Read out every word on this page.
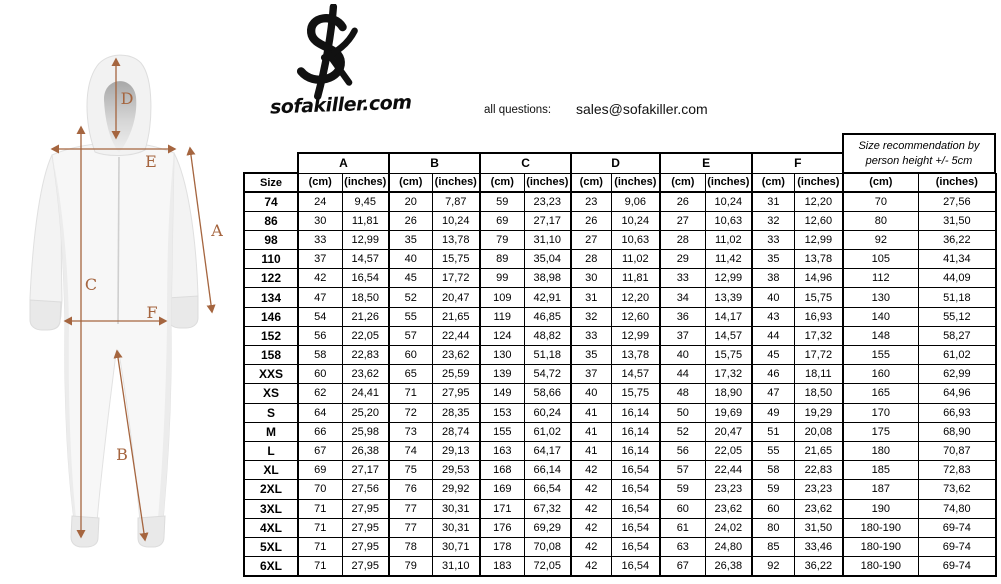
A
B
C
D
E
F
sofakiller.com	all questions: sales@sofakiller.com
Size recommendation by person height +/- 5cm
	A		B		C		D		E		F			
Size	(cm)	(inches)	(cm)	(inches)	(cm)	(inches)	(cm)	(inches)	(cm)	(inches)	(cm)	(inches)	(cm)	(inches)
74	24	9,45	20	7,87	59	23,23	23	9,06	26	10,24	31	12,20	70	27,56
86	30	11,81	26	10,24	69	27,17	26	10,24	27	10,63	32	12,60	80	31,50
98	33	12,99	35	13,78	79	31,10	27	10,63	28	11,02	33	12,99	92	36,22
110	37	14,57	40	15,75	89	35,04	28	11,02	29	11,42	35	13,78	105	41,34
122	42	16,54	45	17,72	99	38,98	30	11,81	33	12,99	38	14,96	112	44,09
134	47	18,50	52	20,47	109	42,91	31	12,20	34	13,39	40	15,75	130	51,18
146	54	21,26	55	21,65	119	46,85	32	12,60	36	14,17	43	16,93	140	55,12
152	56	22,05	57	22,44	124	48,82	33	12,99	37	14,57	44	17,32	148	58,27
158	58	22,83	60	23,62	130	51,18	35	13,78	40	15,75	45	17,72	155	61,02
XXS	60	23,62	65	25,59	139	54,72	37	14,57	44	17,32	46	18,11	160	62,99
XS	62	24,41	71	27,95	149	58,66	40	15,75	48	18,90	47	18,50	165	64,96
S	64	25,20	72	28,35	153	60,24	41	16,14	50	19,69	49	19,29	170	66,93
M	66	25,98	73	28,74	155	61,02	41	16,14	52	20,47	51	20,08	175	68,90
L	67	26,38	74	29,13	163	64,17	41	16,14	56	22,05	55	21,65	180	70,87
XL	69	27,17	75	29,53	168	66,14	42	16,54	57	22,44	58	22,83	185	72,83
2XL	70	27,56	76	29,92	169	66,54	42	16,54	59	23,23	59	23,23	187	73,62
3XL	71	27,95	77	30,31	171	67,32	42	16,54	60	23,62	60	23,62	190	74,80
4XL	71	27,95	77	30,31	176	69,29	42	16,54	61	24,02	80	31,50	180-190	69-74
5XL	71	27,95	78	30,71	178	70,08	42	16,54	63	24,80	85	33,46	180-190	69-74
6XL	71	27,95	79	31,10	183	72,05	42	16,54	67	26,38	92	36,22	180-190	69-74
